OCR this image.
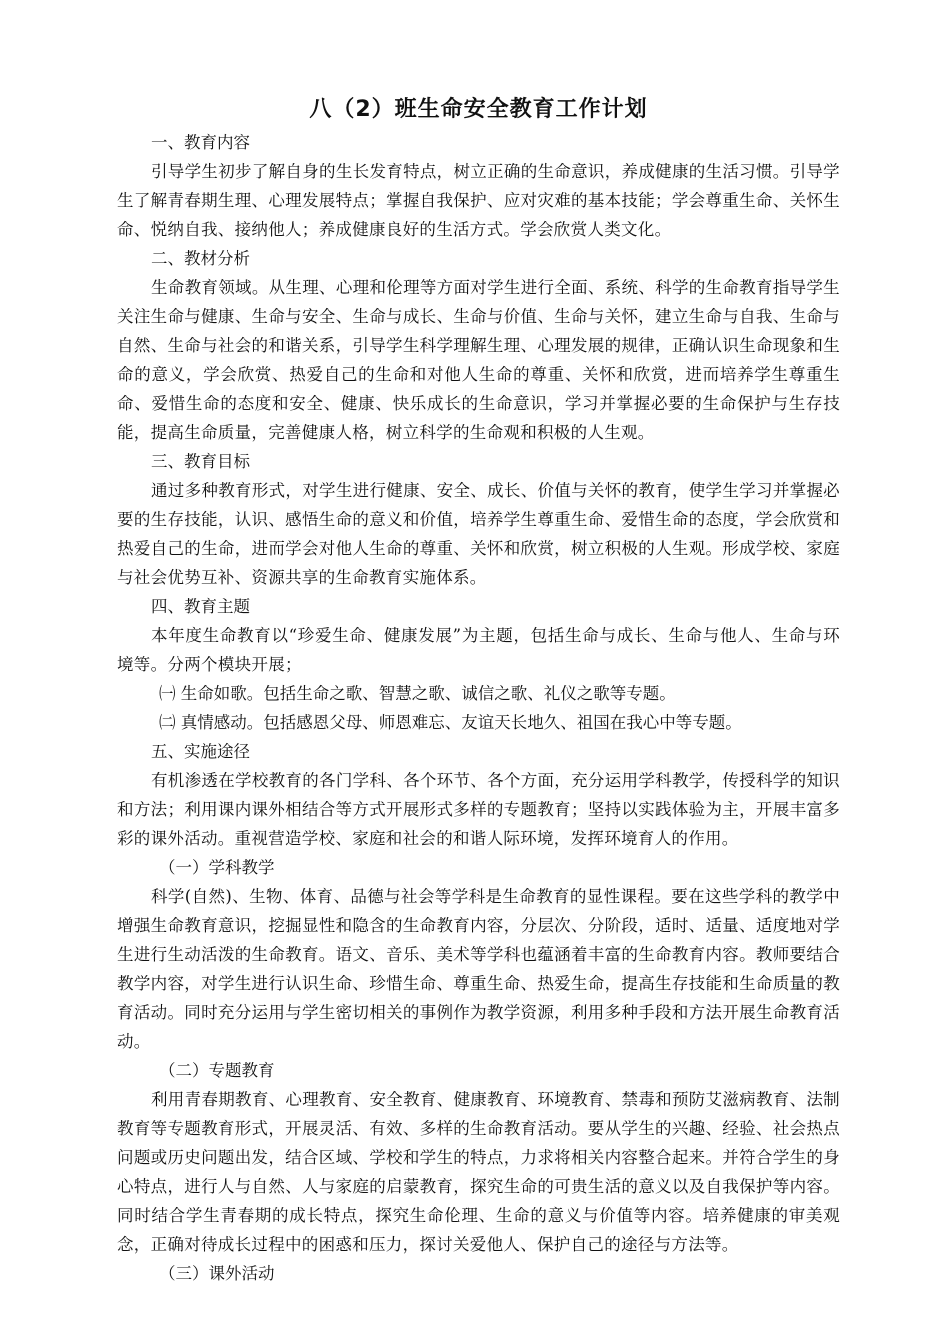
八（2）班生命安全教育工作计划

一、教育内容

引导学生初步了解自身的生长发育特点，树立正确的生命意识，养成健康的生活习惯。引导学生了解青春期生理、心理发展特点；掌握自我保护、应对灾难的基本技能；学会尊重生命、关怀生命、悦纳自我、接纳他人；养成健康良好的生活方式。学会欣赏人类文化。

二、教材分析

生命教育领域。从生理、心理和伦理等方面对学生进行全面、系统、科学的生命教育指导学生关注生命与健康、生命与安全、生命与成长、生命与价值、生命与关怀，建立生命与自我、生命与自然、生命与社会的和谐关系，引导学生科学理解生理、心理发展的规律，正确认识生命现象和生命的意义，学会欣赏、热爱自己的生命和对他人生命的尊重、关怀和欣赏，进而培养学生尊重生命、爱惜生命的态度和安全、健康、快乐成长的生命意识，学习并掌握必要的生命保护与生存技能，提高生命质量，完善健康人格，树立科学的生命观和积极的人生观。

三、教育目标

通过多种教育形式，对学生进行健康、安全、成长、价值与关怀的教育，使学生学习并掌握必要的生存技能，认识、感悟生命的意义和价值，培养学生尊重生命、爱惜生命的态度，学会欣赏和热爱自己的生命，进而学会对他人生命的尊重、关怀和欣赏，树立积极的人生观。形成学校、家庭与社会优势互补、资源共享的生命教育实施体系。

四、教育主题

本年度生命教育以“珍爱生命、健康发展”为主题，包括生命与成长、生命与他人、生命与环境等。分两个模块开展；

㈠ 生命如歌。包括生命之歌、智慧之歌、诚信之歌、礼仪之歌等专题。

㈡ 真情感动。包括感恩父母、师恩难忘、友谊天长地久、祖国在我心中等专题。

五、实施途径

有机渗透在学校教育的各门学科、各个环节、各个方面，充分运用学科教学，传授科学的知识和方法；利用课内课外相结合等方式开展形式多样的专题教育；坚持以实践体验为主，开展丰富多彩的课外活动。重视营造学校、家庭和社会的和谐人际环境，发挥环境育人的作用。

（一）学科教学

科学(自然)、生物、体育、品德与社会等学科是生命教育的显性课程。要在这些学科的教学中增强生命教育意识，挖掘显性和隐含的生命教育内容，分层次、分阶段，适时、适量、适度地对学生进行生动活泼的生命教育。语文、音乐、美术等学科也蕴涵着丰富的生命教育内容。教师要结合教学内容，对学生进行认识生命、珍惜生命、尊重生命、热爱生命，提高生存技能和生命质量的教育活动。同时充分运用与学生密切相关的事例作为教学资源，利用多种手段和方法开展生命教育活动。

（二）专题教育

利用青春期教育、心理教育、安全教育、健康教育、环境教育、禁毒和预防艾滋病教育、法制教育等专题教育形式，开展灵活、有效、多样的生命教育活动。要从学生的兴趣、经验、社会热点问题或历史问题出发，结合区域、学校和学生的特点，力求将相关内容整合起来。并符合学生的身心特点，进行人与自然、人与家庭的启蒙教育，探究生命的可贵生活的意义以及自我保护等内容。同时结合学生青春期的成长特点，探究生命伦理、生命的意义与价值等内容。培养健康的审美观念，正确对待成长过程中的困惑和压力，探讨关爱他人、保护自己的途径与方法等。

（三）课外活动
